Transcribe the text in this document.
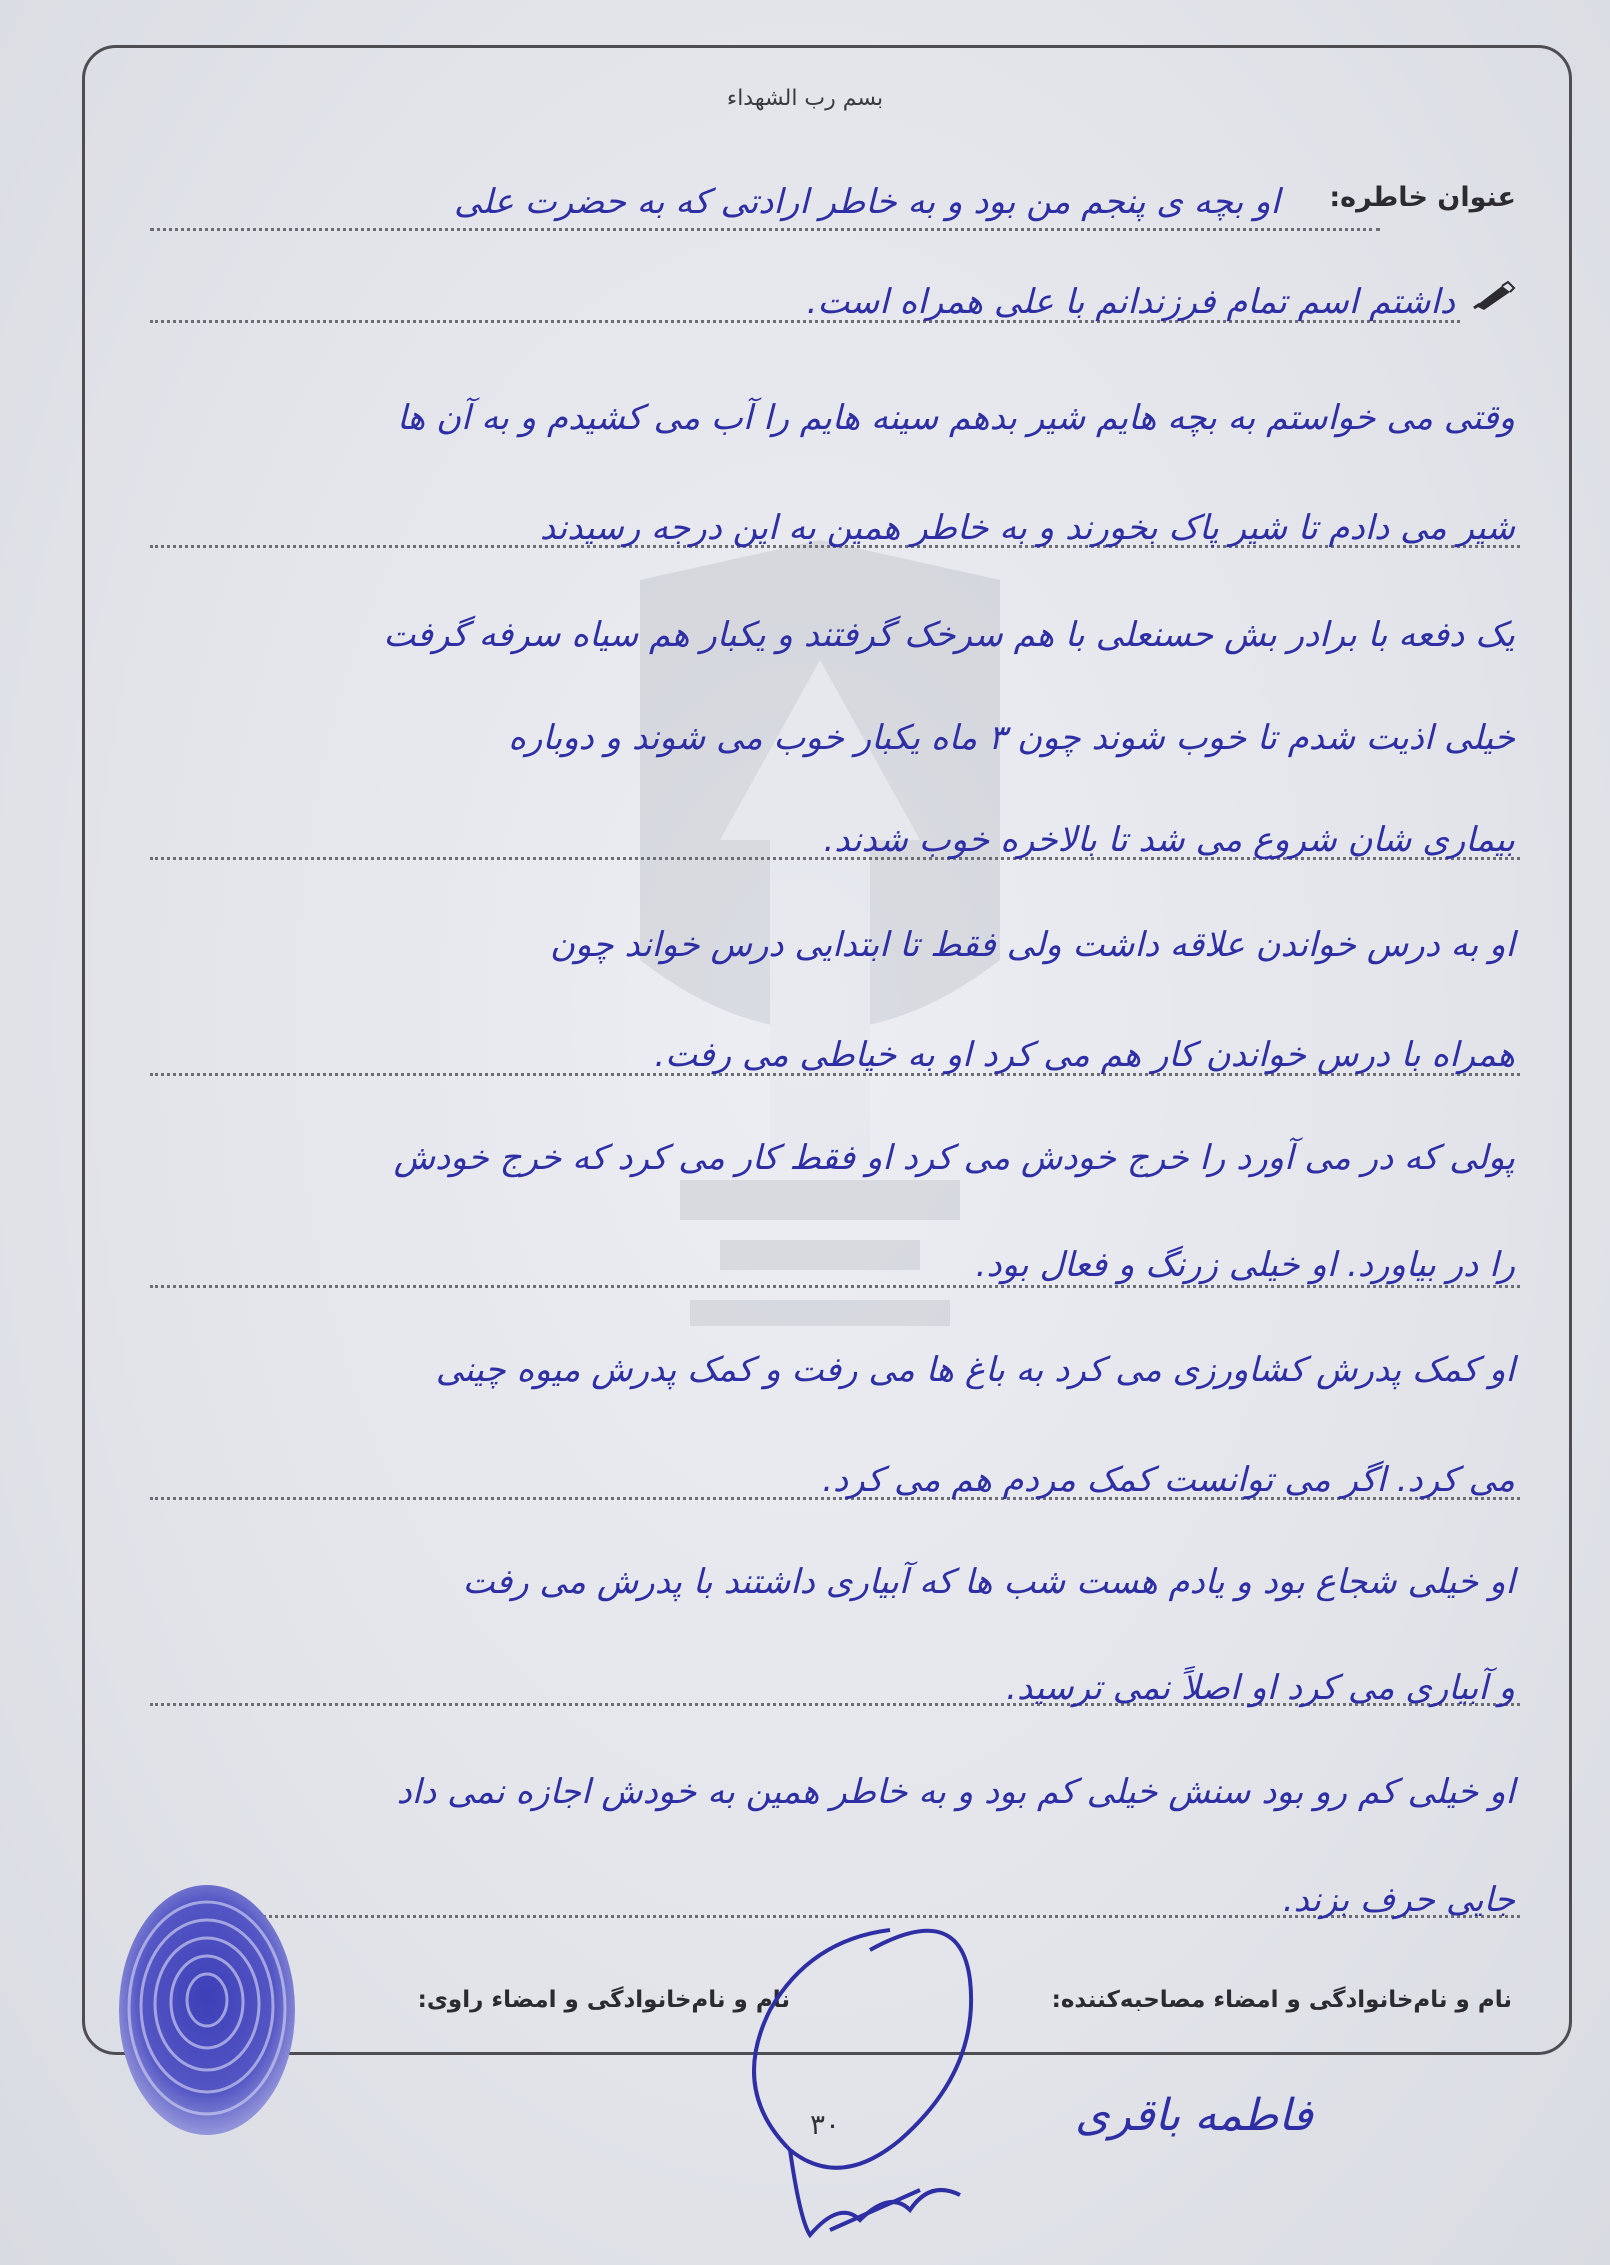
بسم رب الشهداء
عنوان خاطره:
او بچه ی پنجم من بود و به خاطر ارادتی که به حضرت علی
داشتم اسم تمام فرزندانم با علی همراه است.
وقتی می خواستم به بچه هایم شیر بدهم سینه هایم را آب می کشیدم و به آن ها
شیر می دادم تا شیر پاک بخورند و به خاطر همین به این درجه رسیدند
یک دفعه با برادر بش حسنعلی با هم سرخک گرفتند و یکبار هم سیاه سرفه گرفت
خیلی اذیت شدم تا خوب شوند چون ۳ ماه یکبار خوب می شوند و دوباره
بیماری شان شروع می شد تا بالاخره خوب شدند.
او به درس خواندن علاقه داشت ولی فقط تا ابتدایی درس خواند چون
همراه با درس خواندن کار هم می کرد او به خیاطی می رفت.
پولی که در می آورد را خرج خودش می کرد او فقط کار می کرد که خرج خودش
را در بیاورد. او خیلی زرنگ و فعال بود.
او کمک پدرش کشاورزی می کرد به باغ ها می رفت و کمک پدرش میوه چینی
می کرد. اگر می توانست کمک مردم هم می کرد.
او خیلی شجاع بود و یادم هست شب ها که آبیاری داشتند با پدرش می رفت
و آبیاری می کرد او اصلاً نمی ترسید.
او خیلی کم رو بود سنش خیلی کم بود و به خاطر همین به خودش اجازه نمی داد
جایی حرف بزند.
نام و نام‌خانوادگی و امضاء مصاحبه‌کننده:
نام و نام‌خانوادگی و امضاء راوی:
۳۰	فاطمه باقری
